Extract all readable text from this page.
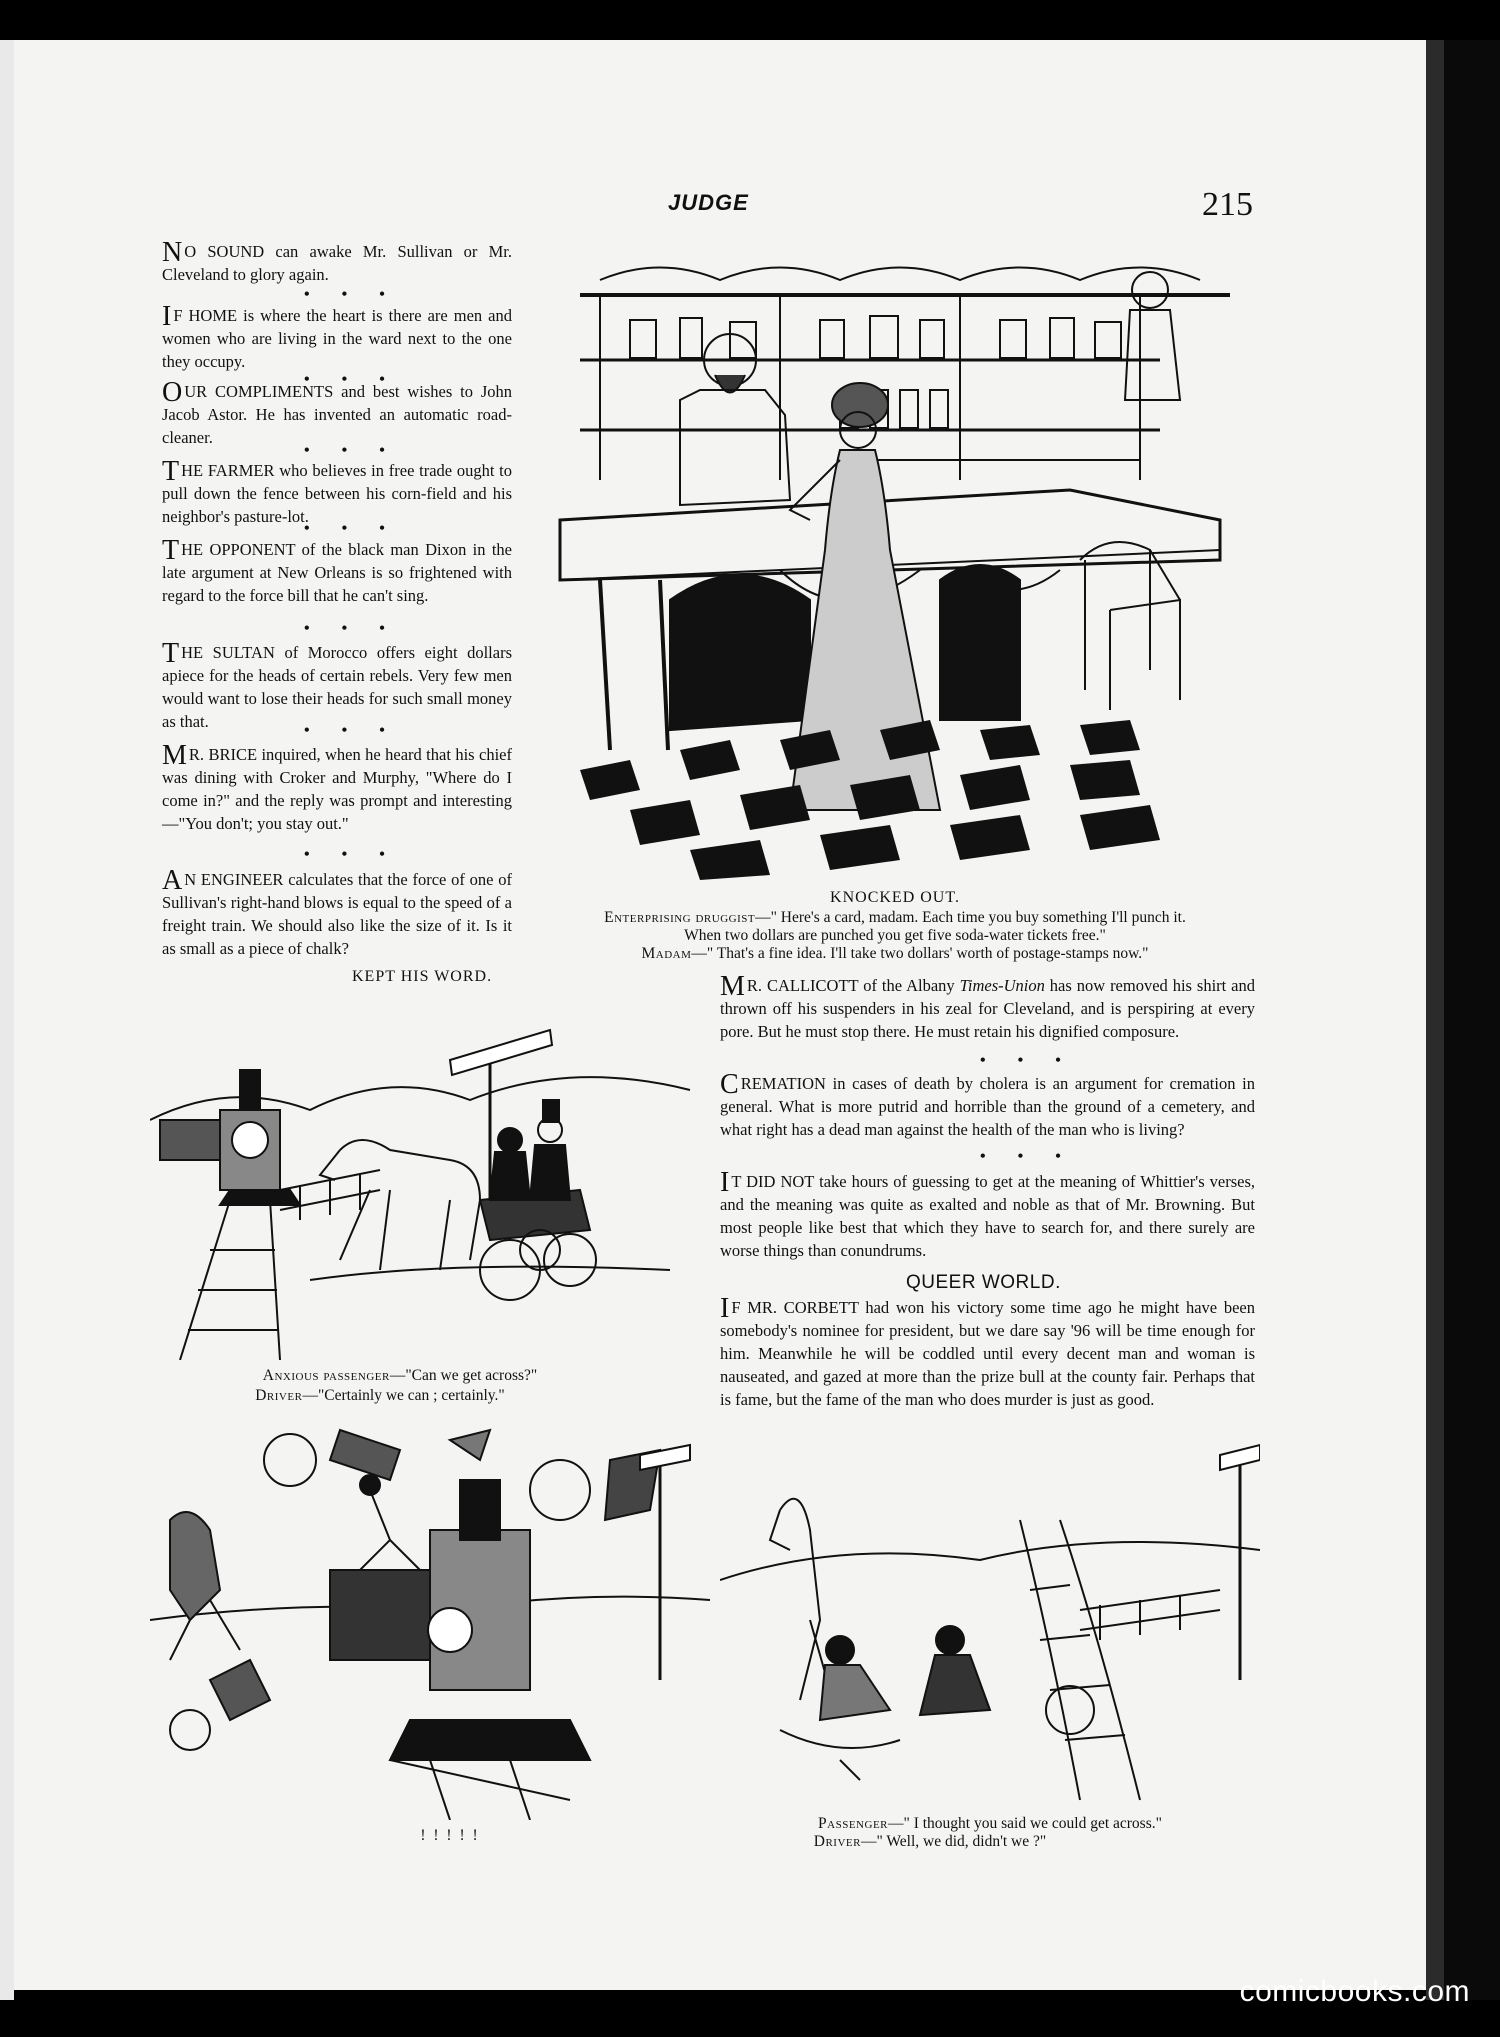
JUDGE	215
N O SOUND can awake Mr. Sullivan or Mr. Cleveland to glory again.
• • •
I F HOME is where the heart is there are men and women who are living in the ward next to the one they occupy.
• • •
OUR COMPLIMENTS and best wishes to John Jacob Astor. He has invented an automatic road-cleaner.
• • •
THE FARMER who believes in free trade ought to pull down the fence between his corn-field and his neighbor's pasture-lot.
• • •
THE OPPONENT of the black man Dixon in the late argument at New Orleans is so frightened with regard to the force bill that he can't sing.
• • •
THE SULTAN of Morocco offers eight dollars apiece for the heads of certain rebels. Very few men would want to lose their heads for such small money as that.	• • •
M R. BRICE inquired, when he heard that his chief was dining with Croker and Murphy, "Where do I come in?" and the reply was prompt and interesting—"You don't; you stay out."
• • •
A N ENGINEER calculates that the force of one of Sullivan's right-hand blows is equal to the speed of a freight train. We should also like the size of it. Is it as small as a piece of chalk?
KNOCKED OUT.
Enterprising druggist—" Here's a card, madam. Each time you buy something I'll punch it.
When two dollars are punched you get five soda-water tickets free."
Madam—" That's a fine idea. I'll take two dollars' worth of postage-stamps now."
KEPT HIS WORD.	M R. CALLICOTT of the Albany Times-Union has now removed his shirt and thrown off his suspenders in his zeal for Cleveland, and is perspiring at every pore. But he must stop there. He must retain his dignified composure.
• • •
CREMATION in cases of death by cholera is an argument for cremation in general. What is more putrid and horrible than the ground of a cemetery, and what right has a dead man against the health of the man who is living?
• • •
I T DID NOT take hours of guessing to get at the meaning of Whittier's verses, and the meaning was quite as exalted and noble as that of Mr. Browning. But most people like best that which they have to search for, and there surely are worse things than conundrums.
QUEER WORLD.
I F MR. CORBETT had won his victory some time ago he might have been somebody's nominee for president, but we dare say '96 will be time enough for him. Meanwhile he will be coddled until every decent man and woman is nauseated, and gazed at more than the prize bull at the county fair. Perhaps that is fame, but the fame of the man who does murder is just as good.
Anxious passenger—"Can we get across?"
Driver—"Certainly we can ; certainly."
! ! ! ! !
Passenger—" I thought you said we could get across."
Driver—" Well, we did, didn't we ?"
comicbooks.com
